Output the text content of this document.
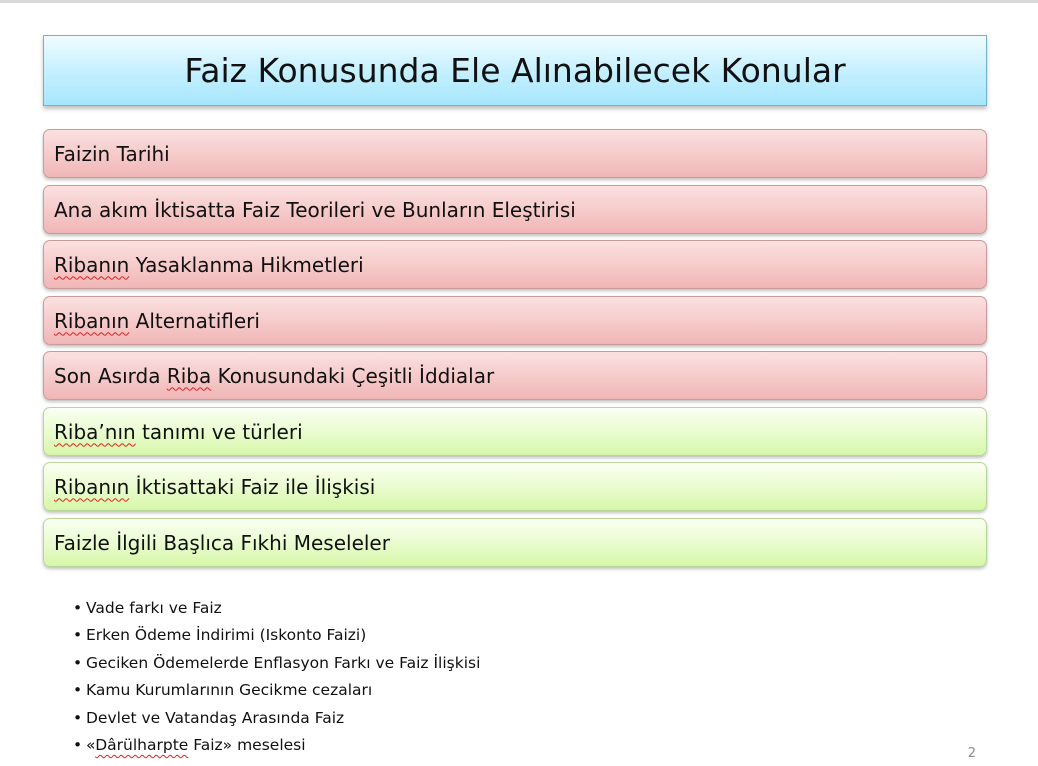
Faiz Konusunda Ele Alınabilecek Konular
Faizin Tarihi
Ana akım İktisatta Faiz Teorileri ve Bunların Eleştirisi
Ribanın Yasaklanma Hikmetleri
Ribanın Alternatifleri
Son Asırda Riba Konusundaki Çeşitli İddialar
Riba’nın tanımı ve türleri
Ribanın İktisattaki Faiz ile İlişkisi
Faizle İlgili Başlıca Fıkhi Meseleler
• Vade farkı ve Faiz
• Erken Ödeme İndirimi (Iskonto Faizi)
• Geciken Ödemelerde Enflasyon Farkı ve Faiz İlişkisi
• Kamu Kurumlarının Gecikme cezaları
• Devlet ve Vatandaş Arasında Faiz
• «Dârülharpte Faiz» meselesi	2
